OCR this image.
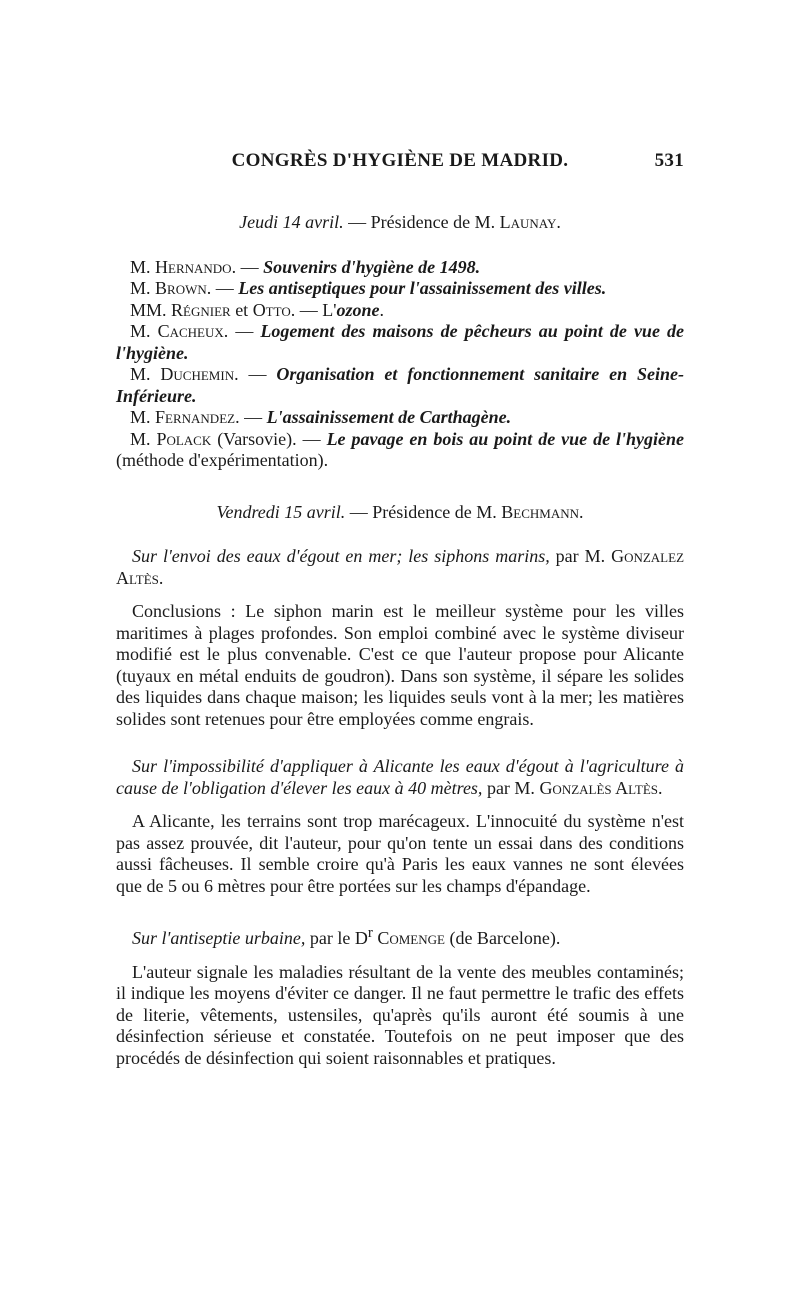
CONGRÈS D'HYGIÈNE DE MADRID.	531

Jeudi 14 avril. — Présidence de M. Launay.

M. Hernando. — Souvenirs d'hygiène de 1498.

M. Brown. — Les antiseptiques pour l'assainissement des villes.

MM. Régnier et Otto. — L'ozone.

M. Cacheux. — Logement des maisons de pêcheurs au point de vue de l'hygiène.

M. Duchemin. — Organisation et fonctionnement sanitaire en Seine-Inférieure.

M. Fernandez. — L'assainissement de Carthagène.

M. Polack (Varsovie). — Le pavage en bois au point de vue de l'hygiène (méthode d'expérimentation).

Vendredi 15 avril. — Présidence de M. Bechmann.

Sur l'envoi des eaux d'égout en mer; les siphons marins, par M. Gonzalez Altès.

Conclusions : Le siphon marin est le meilleur système pour les villes maritimes à plages profondes. Son emploi combiné avec le système diviseur modifié est le plus convenable. C'est ce que l'auteur propose pour Alicante (tuyaux en métal enduits de goudron). Dans son système, il sépare les solides des liquides dans chaque maison; les liquides seuls vont à la mer; les matières solides sont retenues pour être employées comme engrais.

Sur l'impossibilité d'appliquer à Alicante les eaux d'égout à l'agriculture à cause de l'obligation d'élever les eaux à 40 mètres, par M. Gonzalès Altès.

A Alicante, les terrains sont trop marécageux. L'innocuité du système n'est pas assez prouvée, dit l'auteur, pour qu'on tente un essai dans des conditions aussi fâcheuses. Il semble croire qu'à Paris les eaux vannes ne sont élevées que de 5 ou 6 mètres pour être portées sur les champs d'épandage.

Sur l'antiseptie urbaine, par le $D^r$ Comenge (de Barcelone).

L'auteur signale les maladies résultant de la vente des meubles contaminés; il indique les moyens d'éviter ce danger. Il ne faut permettre le trafic des effets de literie, vêtements, ustensiles, qu'après qu'ils auront été soumis à une désinfection sérieuse et constatée. Toutefois on ne peut imposer que des procédés de désinfection qui soient raisonnables et pratiques.
